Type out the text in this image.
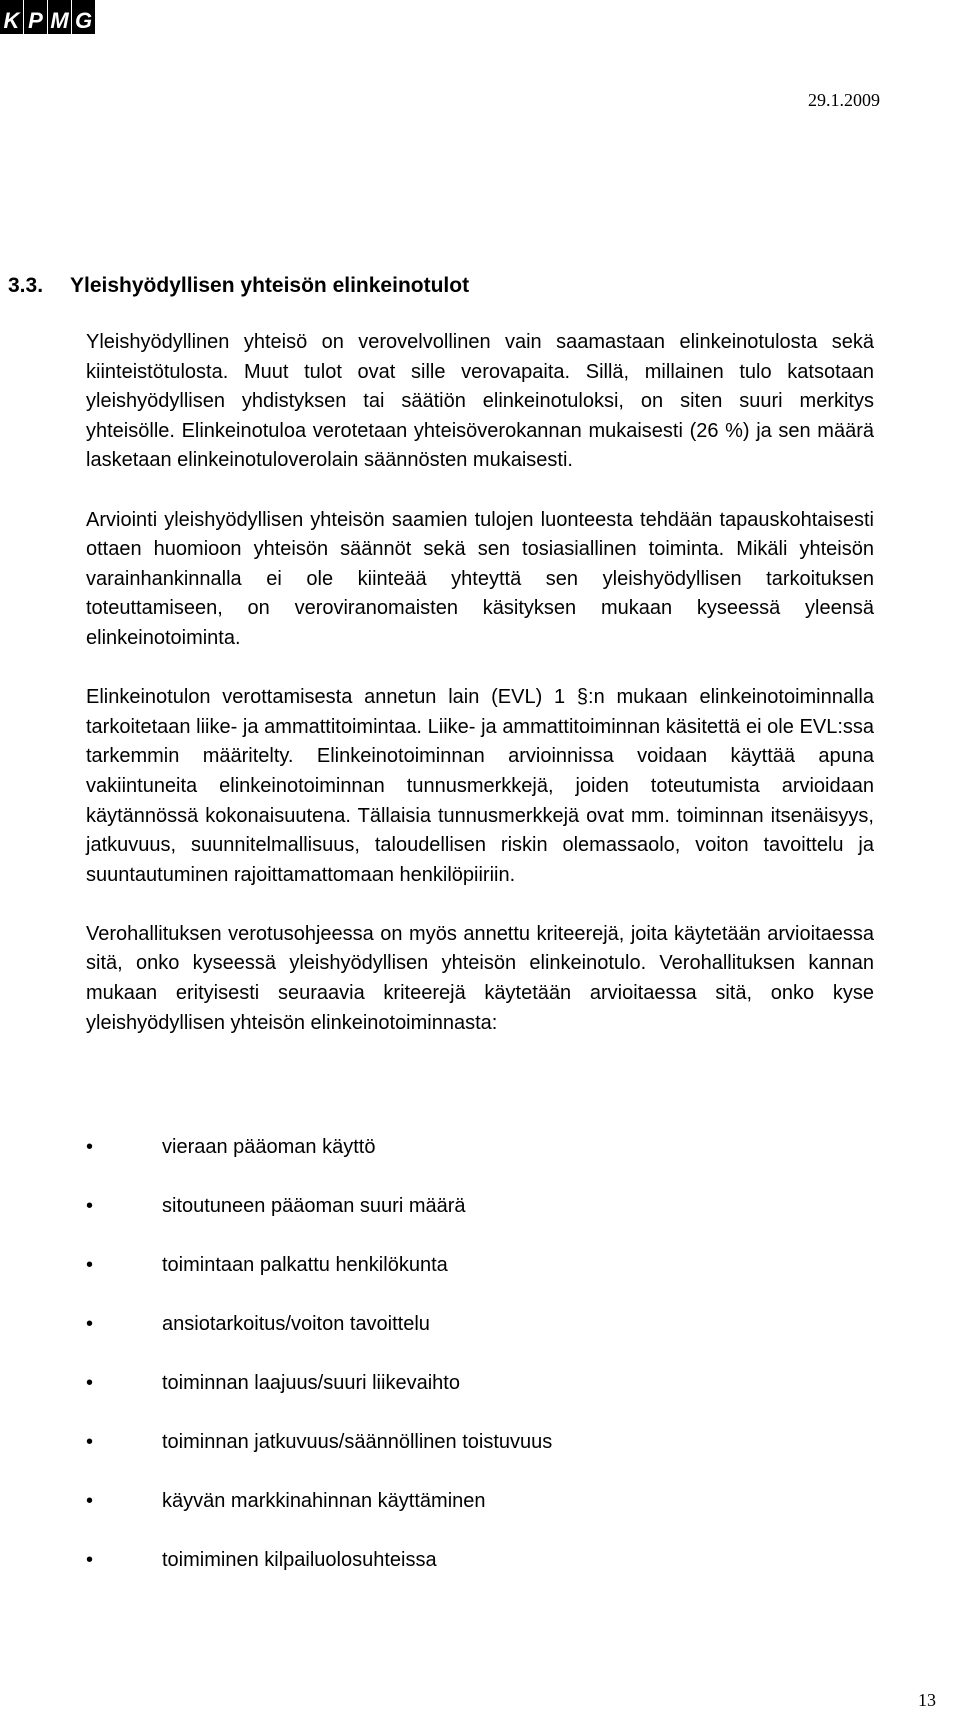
K P M G
29.1.2009
3.3. Yleishyödyllisen yhteisön elinkeinotulot

Yleishyödyllinen yhteisö on verovelvollinen vain saamastaan elinkeinotulosta sekä kiinteistötulosta. Muut tulot ovat sille verovapaita. Sillä, millainen tulo katsotaan yleishyödyllisen yhdistyksen tai säätiön elinkeinotuloksi, on siten suuri merkitys yhteisölle. Elinkeinotuloa verotetaan yhteisöverokannan mukaisesti (26 %) ja sen määrä lasketaan elinkeinotuloverolain säännösten mukaisesti.

Arviointi yleishyödyllisen yhteisön saamien tulojen luonteesta tehdään tapauskohtaisesti ottaen huomioon yhteisön säännöt sekä sen tosiasiallinen toiminta. Mikäli yhteisön varainhankinnalla ei ole kiinteää yhteyttä sen yleishyödyllisen tarkoituksen toteuttamiseen, on veroviranomaisten käsityksen mukaan kyseessä yleensä elinkeinotoiminta.

Elinkeinotulon verottamisesta annetun lain (EVL) 1 §:n mukaan elinkeinotoiminnalla tarkoitetaan liike- ja ammattitoimintaa. Liike- ja ammattitoiminnan käsitettä ei ole EVL:ssa tarkemmin määritelty. Elinkeinotoiminnan arvioinnissa voidaan käyttää apuna vakiintuneita elinkeinotoiminnan tunnusmerkkejä, joiden toteutumista arvioidaan käytännössä kokonaisuutena. Tällaisia tunnusmerkkejä ovat mm. toiminnan itsenäisyys, jatkuvuus, suunnitelmallisuus, taloudellisen riskin olemassaolo, voiton tavoittelu ja suuntautuminen rajoittamattomaan henkilöpiiriin.

Verohallituksen verotusohjeessa on myös annettu kriteerejä, joita käytetään arvioitaessa sitä, onko kyseessä yleishyödyllisen yhteisön elinkeinotulo. Verohallituksen kannan mukaan erityisesti seuraavia kriteerejä käytetään arvioitaessa sitä, onko kyse yleishyödyllisen yhteisön elinkeinotoiminnasta:

•	vieraan pääoman käyttö
•	sitoutuneen pääoman suuri määrä
•	toimintaan palkattu henkilökunta
•	ansiotarkoitus/voiton tavoittelu
•	toiminnan laajuus/suuri liikevaihto
•	toiminnan jatkuvuus/säännöllinen toistuvuus
•	käyvän markkinahinnan käyttäminen
•	toimiminen kilpailuolosuhteissa
13
